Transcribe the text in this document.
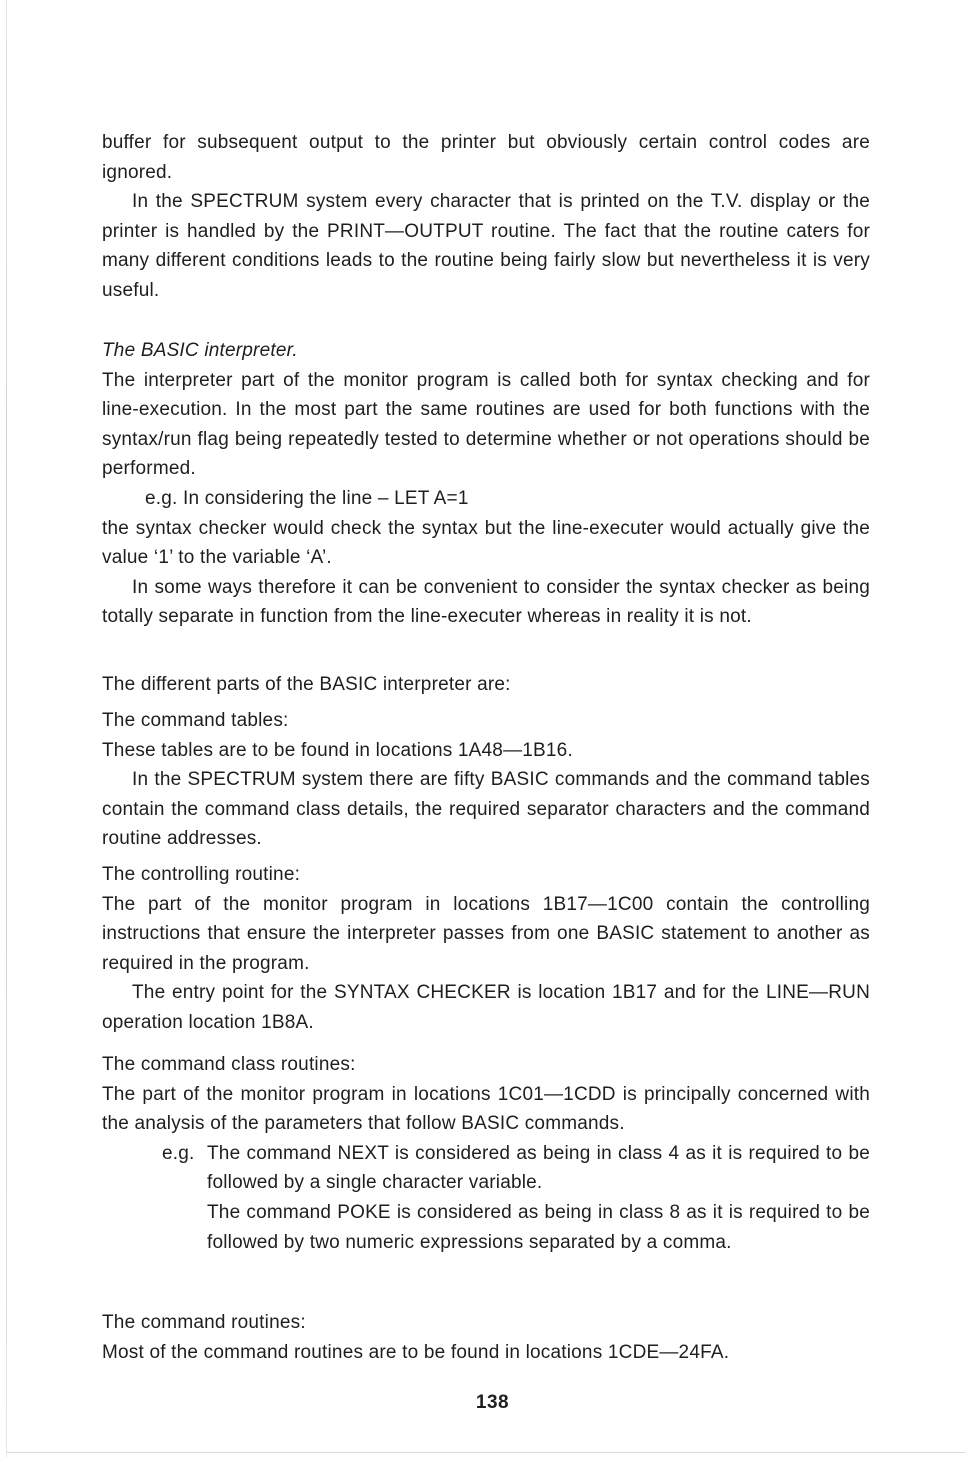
buffer for subsequent output to the printer but obviously certain control codes are ignored.

In the SPECTRUM system every character that is printed on the T.V. display or the printer is handled by the PRINT—OUTPUT routine. The fact that the routine caters for many different conditions leads to the routine being fairly slow but nevertheless it is very useful.

The BASIC interpreter.

The interpreter part of the monitor program is called both for syntax checking and for line-execution. In the most part the same routines are used for both functions with the syntax/run flag being repeatedly tested to determine whether or not operations should be performed.

e.g. In considering the line – LET A=1

the syntax checker would check the syntax but the line-executer would actually give the value ‘1’ to the variable ‘A’.

In some ways therefore it can be convenient to consider the syntax checker as being totally separate in function from the line-executer whereas in reality it is not.

The different parts of the BASIC interpreter are:

The command tables:

These tables are to be found in locations 1A48—1B16.

In the SPECTRUM system there are fifty BASIC commands and the command tables contain the command class details, the required separator characters and the command routine addresses.

The controlling routine:

The part of the monitor program in locations 1B17—1C00 contain the controlling instructions that ensure the interpreter passes from one BASIC statement to another as required in the program.

The entry point for the SYNTAX CHECKER is location 1B17 and for the LINE—RUN operation location 1B8A.

The command class routines:

The part of the monitor program in locations 1C01—1CDD is principally concerned with the analysis of the parameters that follow BASIC commands.

e.g. The command NEXT is considered as being in class 4 as it is required to be followed by a single character variable.

The command POKE is considered as being in class 8 as it is required to be followed by two numeric expressions separated by a comma.

The command routines:

Most of the command routines are to be found in locations 1CDE—24FA.

138
